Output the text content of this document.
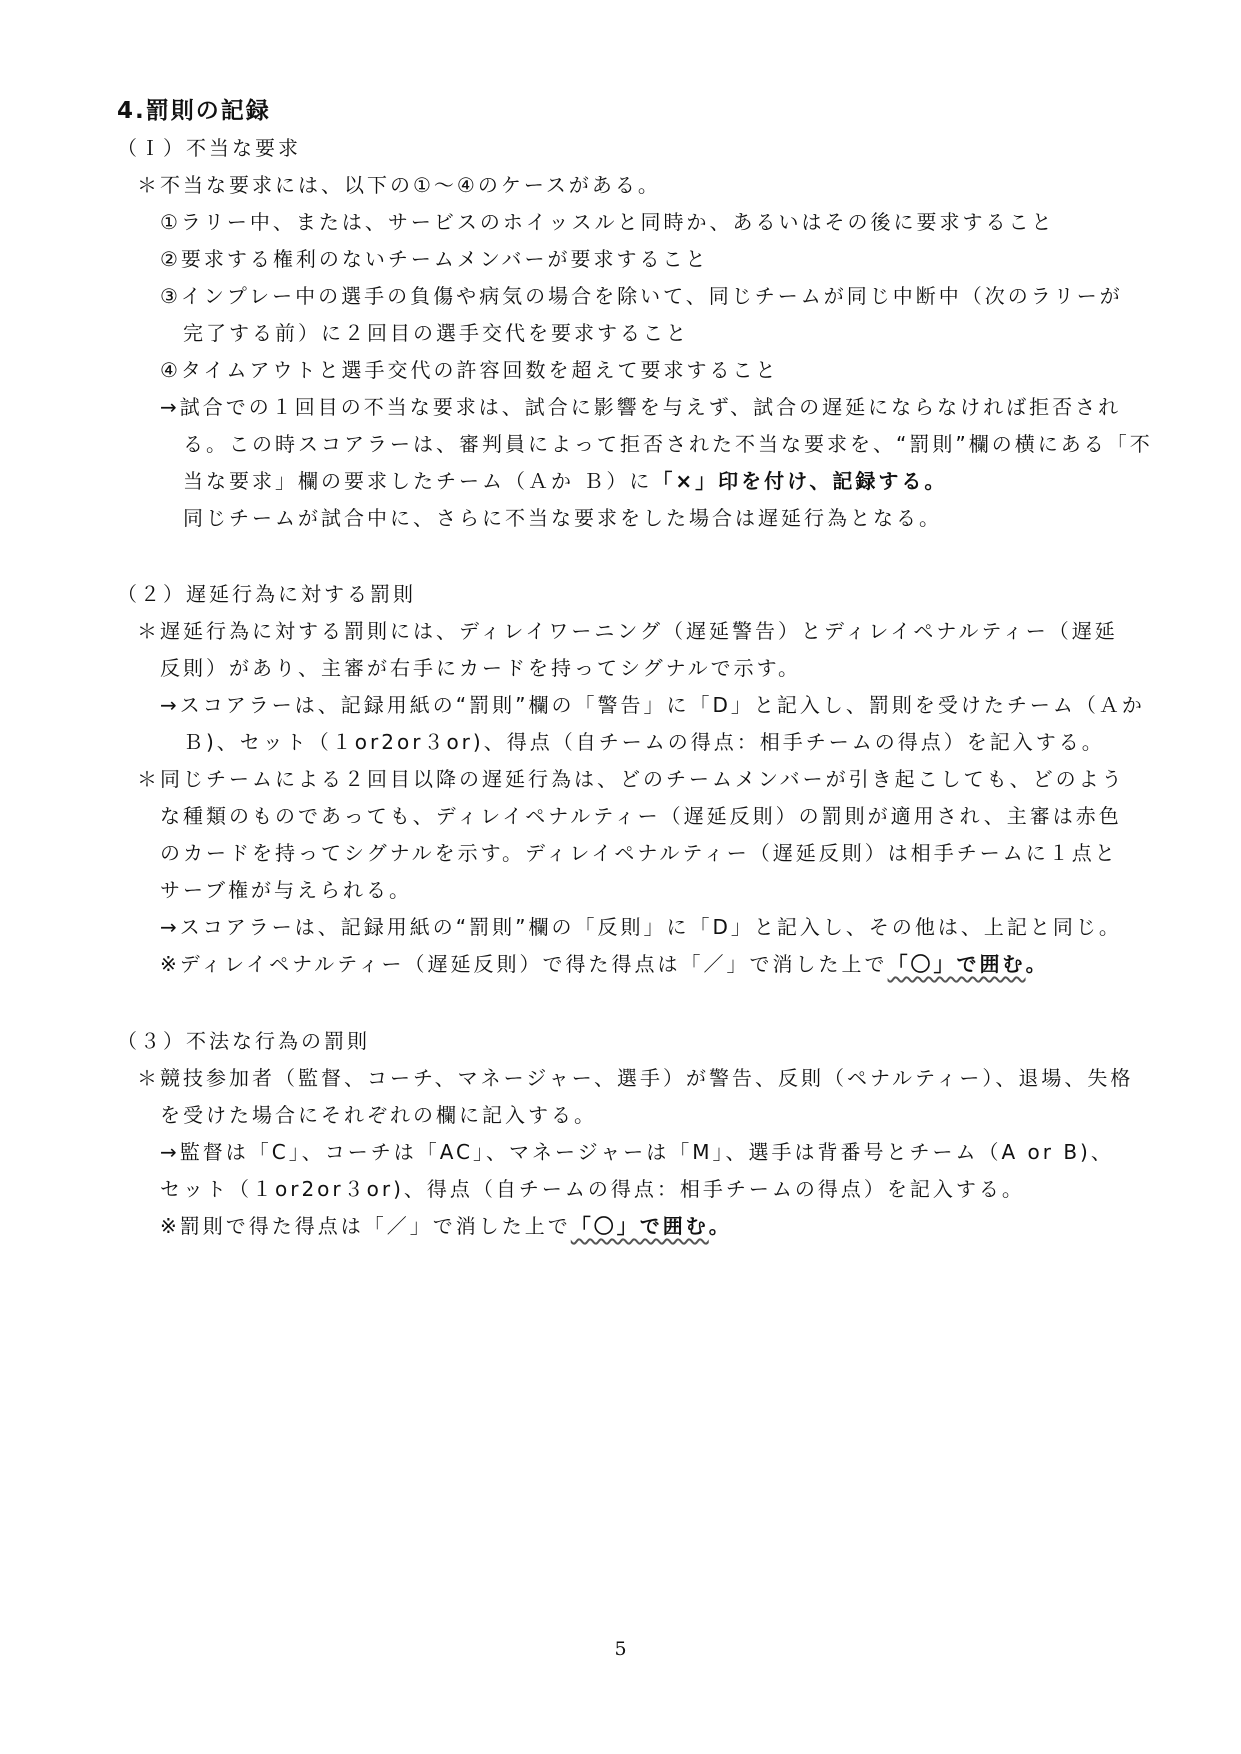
4.罰則の記録
（Ｉ）不当な要求
＊不当な要求には、以下の①～④のケースがある。
①ラリー中、または、サービスのホイッスルと同時か、あるいはその後に要求すること
②要求する権利のないチームメンバーが要求すること
③インプレー中の選手の負傷や病気の場合を除いて、同じチームが同じ中断中（次のラリーが
完了する前）に２回目の選手交代を要求すること
④タイムアウトと選手交代の許容回数を超えて要求すること
→試合での１回目の不当な要求は、試合に影響を与えず、試合の遅延にならなければ拒否され
る。この時スコアラーは、審判員によって拒否された不当な要求を、“罰則”欄の横にある「不
当な要求」欄の要求したチーム（Ａか Ｂ）に「×」印を付け、記録する。
同じチームが試合中に、さらに不当な要求をした場合は遅延行為となる。
（２）遅延行為に対する罰則
＊遅延行為に対する罰則には、ディレイワーニング（遅延警告）とディレイペナルティー（遅延
反則）があり、主審が右手にカードを持ってシグナルで示す。
→スコアラーは、記録用紙の“罰則”欄の「警告」に「D」と記入し、罰則を受けたチーム（Ａか
Ｂ)、セット（１or2or３or)、得点（自チームの得点：相手チームの得点）を記入する。
＊同じチームによる２回目以降の遅延行為は、どのチームメンバーが引き起こしても、どのよう
な種類のものであっても、ディレイペナルティー（遅延反則）の罰則が適用され、主審は赤色
のカードを持ってシグナルを示す。ディレイペナルティー（遅延反則）は相手チームに１点と
サーブ権が与えられる。
→スコアラーは、記録用紙の“罰則”欄の「反則」に「D」と記入し、その他は、上記と同じ。
※ディレイペナルティー（遅延反則）で得た得点は「／」で消した上で「〇」で囲む。
（３）不法な行為の罰則
＊競技参加者（監督、コーチ、マネージャー、選手）が警告、反則（ペナルティー）、退場、失格
を受けた場合にそれぞれの欄に記入する。
→監督は「C」、コーチは「AC」、マネージャーは「M」、選手は背番号とチーム（A or B)、
セット（１or2or３or)、得点（自チームの得点：相手チームの得点）を記入する。
※罰則で得た得点は「／」で消した上で「〇」で囲む。
5
